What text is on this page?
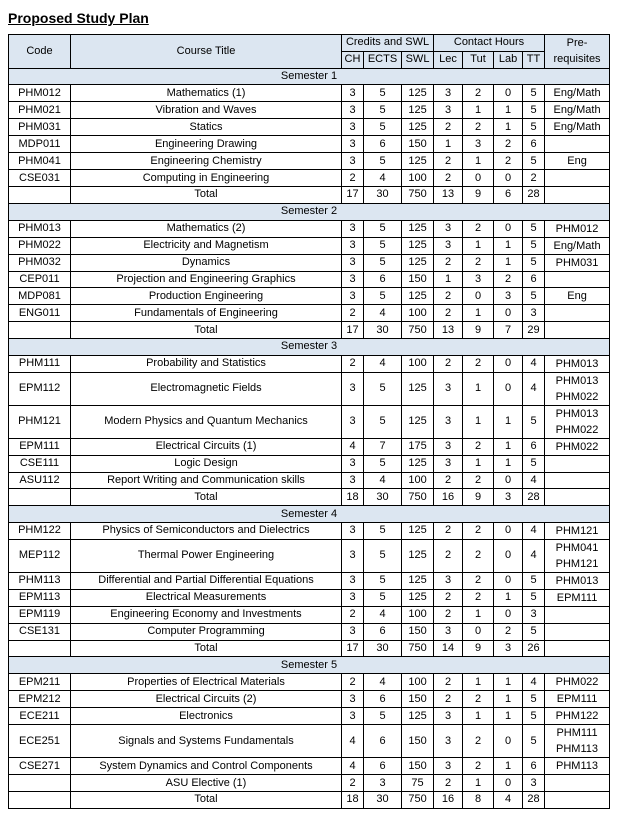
Proposed Study Plan
Code	Course Title	Credits and SWL			Contact Hours				Pre-
requisites

		CH	ECTS	SWL	Lec	Tut	Lab	TT	
Semester 1									
PHM012	Mathematics (1)	3	5	125	3	2	0	5	Eng/Math

PHM021	Vibration and Waves	3	5	125	3	1	1	5	Eng/Math

PHM031	Statics	3	5	125	2	2	1	5	Eng/Math

MDP011	Engineering Drawing	3	6	150	1	3	2	6	
PHM041	Engineering Chemistry	3	5	125	2	1	2	5	Eng

CSE031	Computing in Engineering	2	4	100	2	0	0	2	
	Total	17	30	750	13	9	6	28	
Semester 2									
PHM013	Mathematics (2)	3	5	125	3	2	0	5	PHM012

PHM022	Electricity and Magnetism	3	5	125	3	1	1	5	Eng/Math

PHM032	Dynamics	3	5	125	2	2	1	5	PHM031

CEP011	Projection and Engineering Graphics	3	6	150	1	3	2	6	
MDP081	Production Engineering	3	5	125	2	0	3	5	Eng

ENG011	Fundamentals of Engineering	2	4	100	2	1	0	3	
	Total	17	30	750	13	9	7	29	
Semester 3									
PHM111	Probability and Statistics	2	4	100	2	2	0	4	PHM013

EPM112	Electromagnetic Fields	3	5	125	3	1	0	4	PHM013
PHM022

PHM121	Modern Physics and Quantum Mechanics	3	5	125	3	1	1	5	PHM013
PHM022

EPM111	Electrical Circuits (1)	4	7	175	3	2	1	6	PHM022

CSE111	Logic Design	3	5	125	3	1	1	5	
ASU112	Report Writing and Communication skills	3	4	100	2	2	0	4	
	Total	18	30	750	16	9	3	28	
Semester 4									
PHM122	Physics of Semiconductors and Dielectrics	3	5	125	2	2	0	4	PHM121

MEP112	Thermal Power Engineering	3	5	125	2	2	0	4	PHM041
PHM121

PHM113	Differential and Partial Differential Equations	3	5	125	3	2	0	5	PHM013

EPM113	Electrical Measurements	3	5	125	2	2	1	5	EPM111

EPM119	Engineering Economy and Investments	2	4	100	2	1	0	3	
CSE131	Computer Programming	3	6	150	3	0	2	5	
	Total	17	30	750	14	9	3	26	
Semester 5									
EPM211	Properties of Electrical Materials	2	4	100	2	1	1	4	PHM022

EPM212	Electrical Circuits (2)	3	6	150	2	2	1	5	EPM111

ECE211	Electronics	3	5	125	3	1	1	5	PHM122

ECE251	Signals and Systems Fundamentals	4	6	150	3	2	0	5	PHM111
PHM113

CSE271	System Dynamics and Control Components	4	6	150	3	2	1	6	PHM113

	ASU Elective (1)	2	3	75	2	1	0	3	
	Total	18	30	750	16	8	4	28	
